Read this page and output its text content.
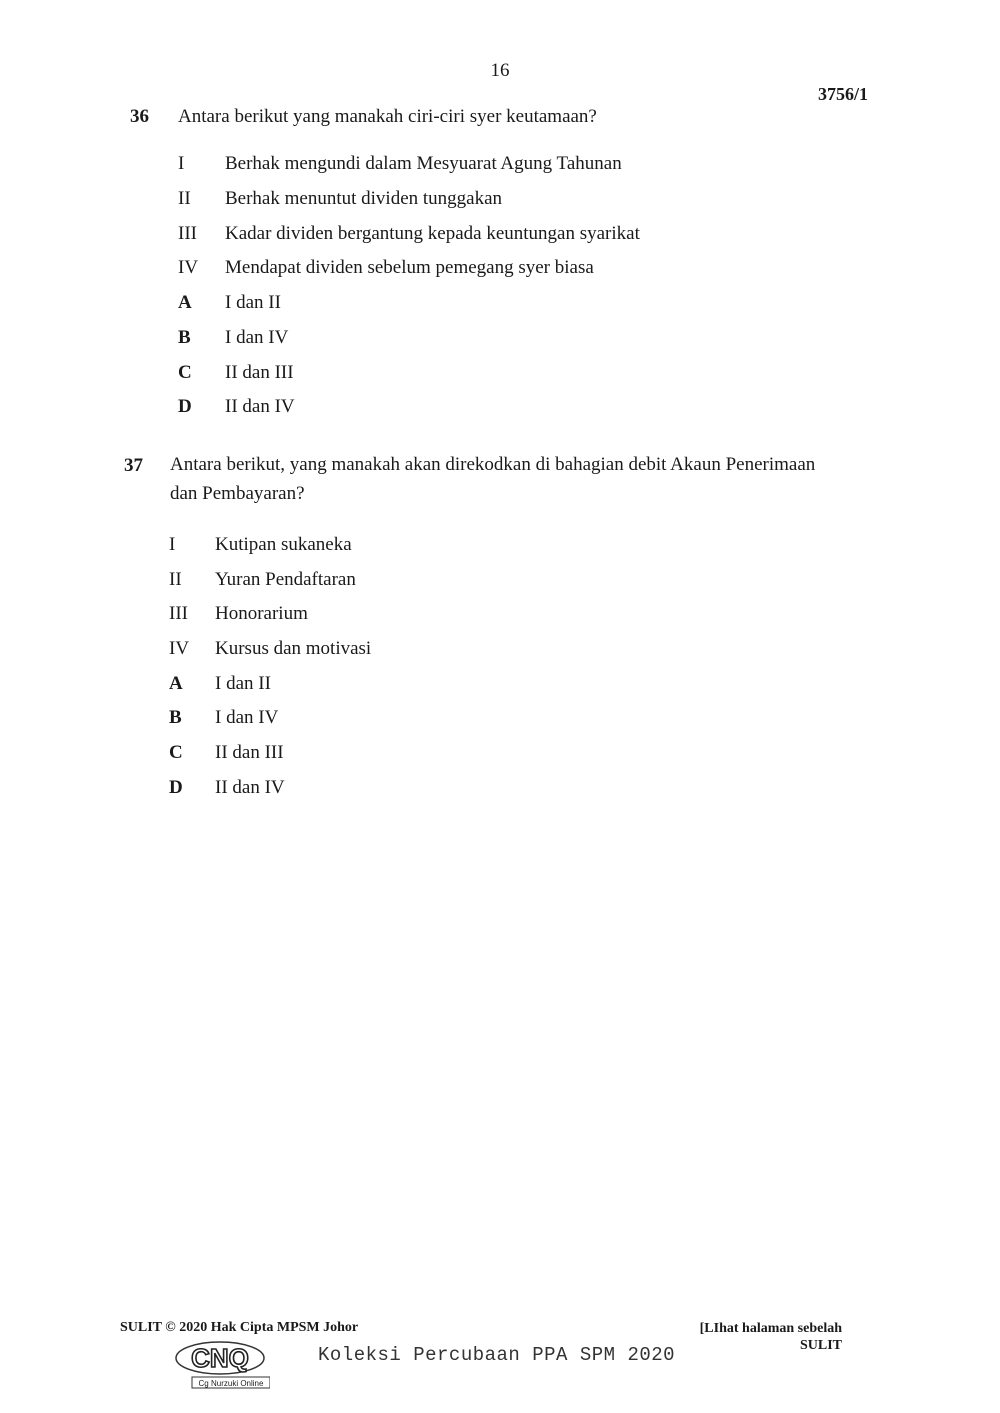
16
3756/1
36 Antara berikut yang manakah ciri-ciri syer keutamaan?
I Berhak mengundi dalam Mesyuarat Agung Tahunan
II Berhak menuntut dividen tunggakan
III Kadar dividen bergantung kepada keuntungan syarikat
IV Mendapat dividen sebelum pemegang syer biasa
A I dan II
B I dan IV
C II dan III
D II dan IV
37 Antara berikut, yang manakah akan direkodkan di bahagian debit Akaun Penerimaan
dan Pembayaran?
I Kutipan sukaneka
II Yuran Pendaftaran
III Honorarium
IV Kursus dan motivasi
A I dan II
B I dan IV
C II dan III
D II dan IV
SULIT © 2020 Hak Cipta MPSM Johor	[LIhat halaman sebelah
SULIT
CNQ
Cg Nurzuki Online
Koleksi Percubaan PPA SPM 2020
